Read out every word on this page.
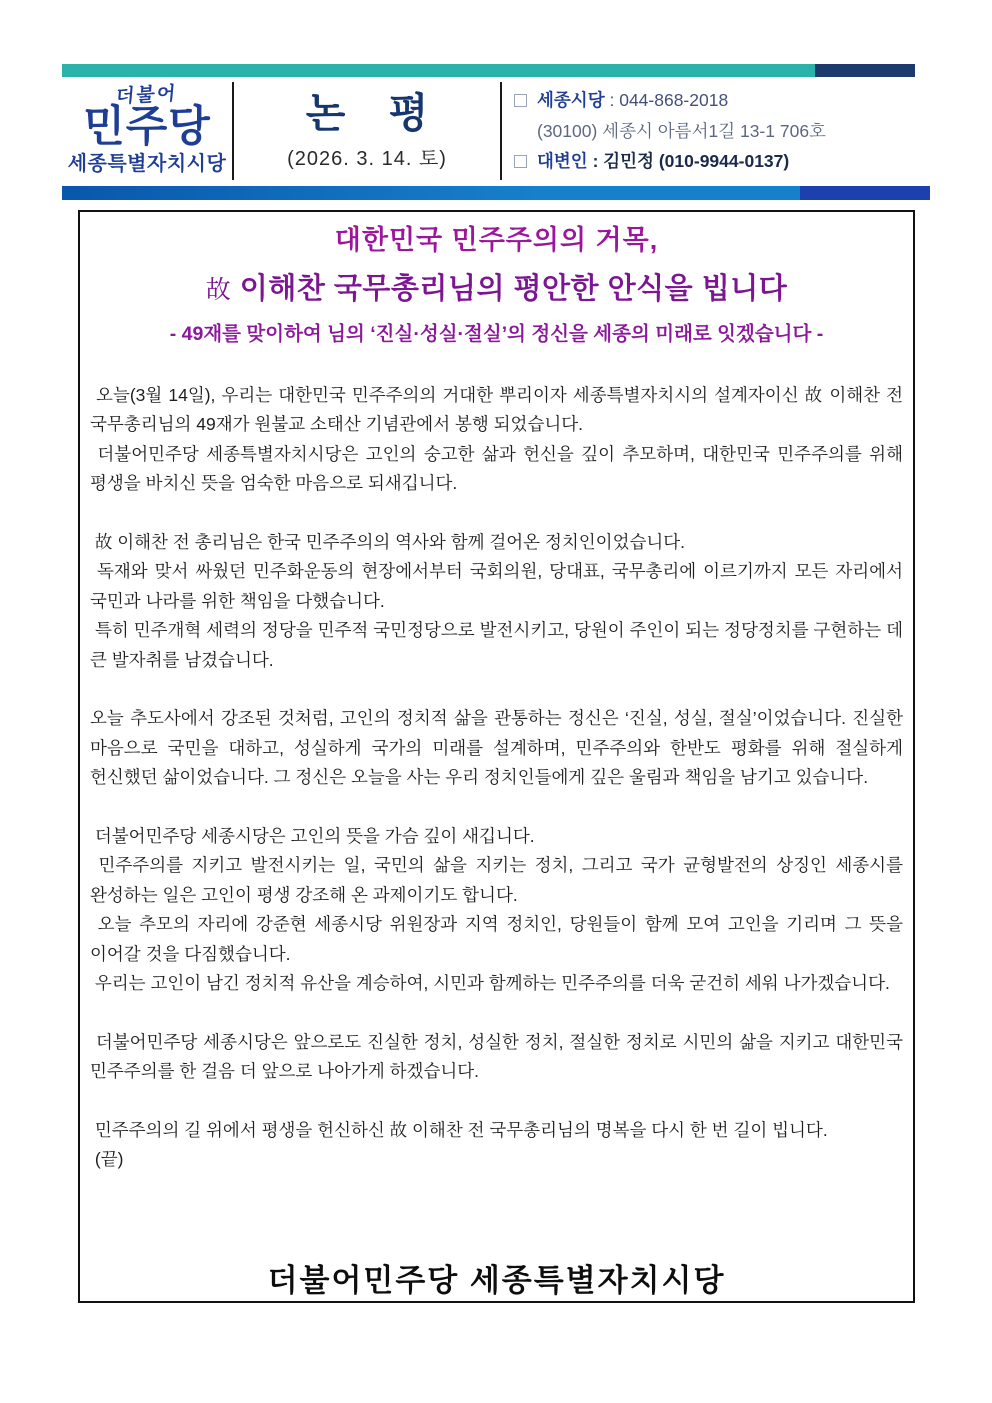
더불어
민주당
세종특별자치시당
논 평
(2026. 3. 14. 토)
세종시당 : 044-868-2018
(30100) 세종시 아름서1길 13-1 706호
대변인 : 김민정 (010-9944-0137)
대한민국 민주주의의 거목,
故 이해찬 국무총리님의 평안한 안식을 빕니다
- 49재를 맞이하여 님의 ‘진실·성실·절실’의 정신을 세종의 미래로 잇겠습니다 -
오늘(3월 14일), 우리는 대한민국 민주주의의 거대한 뿌리이자 세종특별자치시의 설계자이신 故 이해찬 전 국무총리님의 49재가 원불교 소태산 기념관에서 봉행 되었습니다.
더불어민주당 세종특별자치시당은 고인의 숭고한 삶과 헌신을 깊이 추모하며, 대한민국 민주주의를 위해 평생을 바치신 뜻을 엄숙한 마음으로 되새깁니다.
故 이해찬 전 총리님은 한국 민주주의의 역사와 함께 걸어온 정치인이었습니다.
독재와 맞서 싸웠던 민주화운동의 현장에서부터 국회의원, 당대표, 국무총리에 이르기까지 모든 자리에서 국민과 나라를 위한 책임을 다했습니다.
특히 민주개혁 세력의 정당을 민주적 국민정당으로 발전시키고, 당원이 주인이 되는 정당정치를 구현하는 데 큰 발자취를 남겼습니다.
오늘 추도사에서 강조된 것처럼, 고인의 정치적 삶을 관통하는 정신은 ‘진실, 성실, 절실’이었습니다. 진실한 마음으로 국민을 대하고, 성실하게 국가의 미래를 설계하며, 민주주의와 한반도 평화를 위해 절실하게 헌신했던 삶이었습니다. 그 정신은 오늘을 사는 우리 정치인들에게 깊은 울림과 책임을 남기고 있습니다.
더불어민주당 세종시당은 고인의 뜻을 가슴 깊이 새깁니다.
민주주의를 지키고 발전시키는 일, 국민의 삶을 지키는 정치, 그리고 국가 균형발전의 상징인 세종시를 완성하는 일은 고인이 평생 강조해 온 과제이기도 합니다.
오늘 추모의 자리에 강준현 세종시당 위원장과 지역 정치인, 당원들이 함께 모여 고인을 기리며 그 뜻을 이어갈 것을 다짐했습니다.
우리는 고인이 남긴 정치적 유산을 계승하여, 시민과 함께하는 민주주의를 더욱 굳건히 세워 나가겠습니다.
더불어민주당 세종시당은 앞으로도 진실한 정치, 성실한 정치, 절실한 정치로 시민의 삶을 지키고 대한민국 민주주의를 한 걸음 더 앞으로 나아가게 하겠습니다.
민주주의의 길 위에서 평생을 헌신하신 故 이해찬 전 국무총리님의 명복을 다시 한 번 길이 빕니다.
(끝)
더불어민주당 세종특별자치시당
